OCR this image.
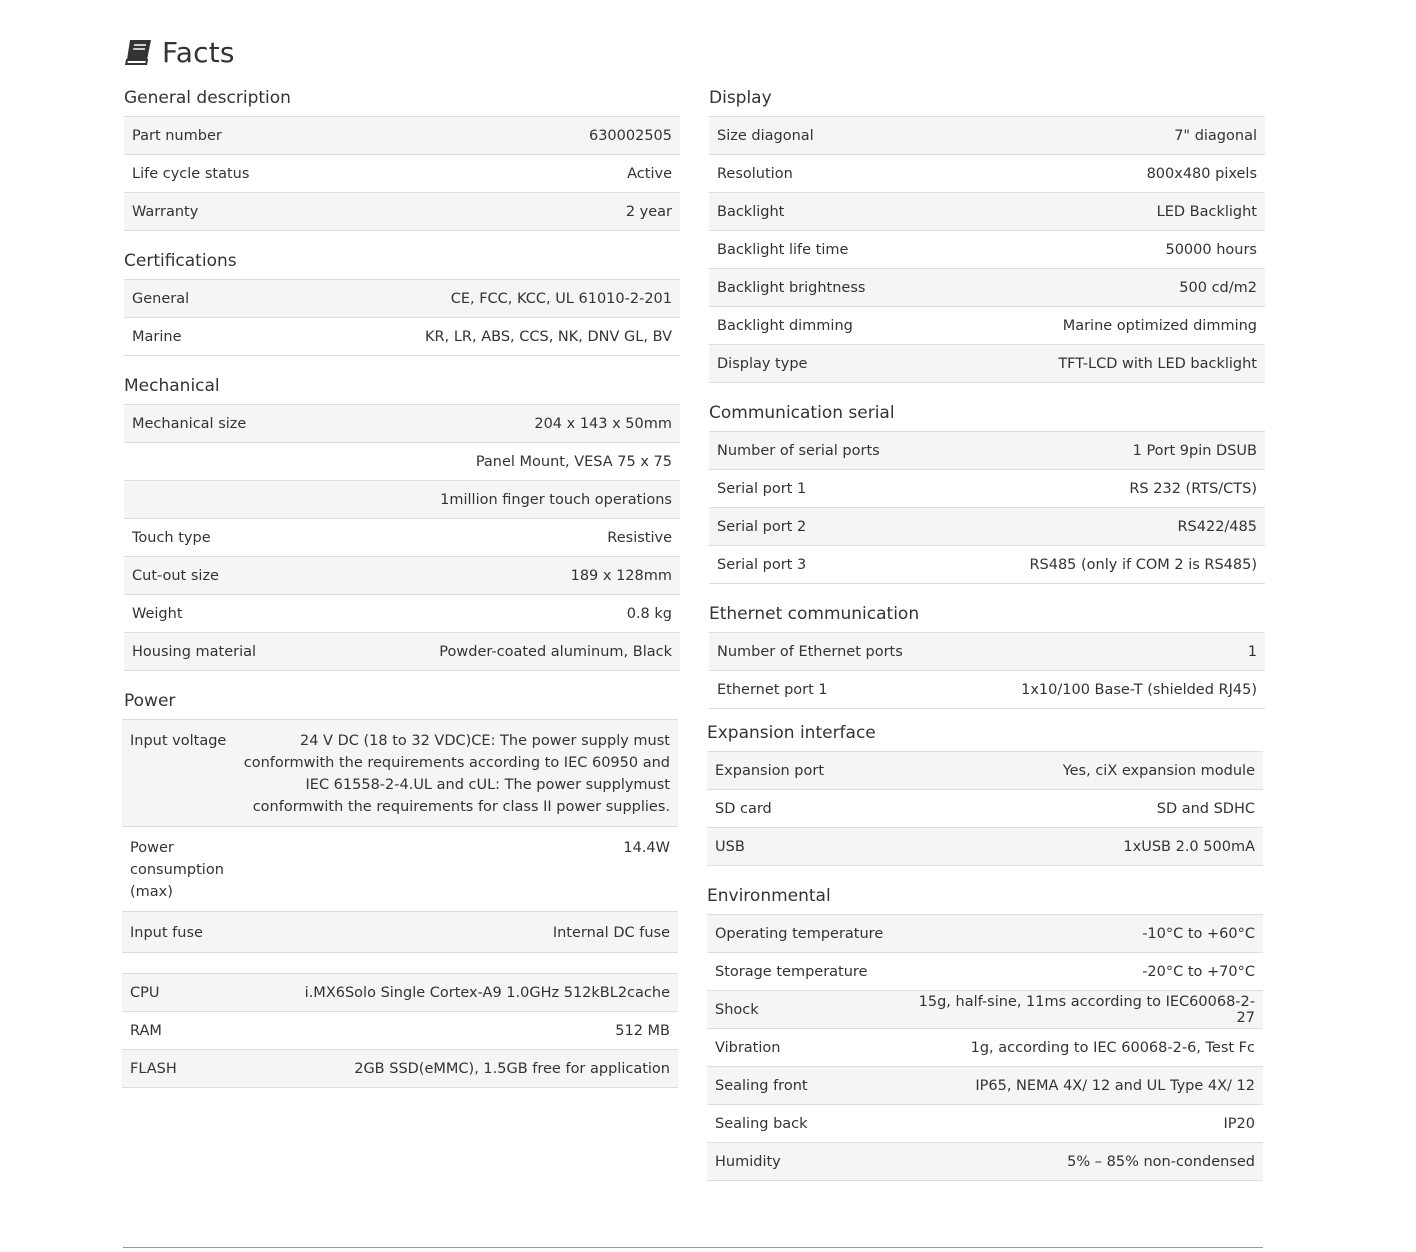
Facts
General description
Part number	630002505
Life cycle status	Active
Warranty	2 year
Certifications
General	CE, FCC, KCC, UL 61010-2-201
Marine	KR, LR, ABS, CCS, NK, DNV GL, BV
Mechanical
Mechanical size	204 x 143 x 50mm
	Panel Mount, VESA 75 x 75
	1million finger touch operations
Touch type	Resistive
Cut-out size	189 x 128mm
Weight	0.8 kg
Housing material	Powder-coated aluminum, Black
Power
Input voltage	24 V DC (18 to 32 VDC)CE: The power supply must conformwith the requirements according to IEC 60950 and IEC 61558-2-4.UL and cUL: The power supplymust conformwith the requirements for class II power supplies.
Power consumption (max)	14.4W
Input fuse	Internal DC fuse
CPU	i.MX6Solo Single Cortex-A9 1.0GHz 512kBL2cache
RAM	512 MB
FLASH	2GB SSD(eMMC), 1.5GB free for application
Display
Size diagonal	7" diagonal
Resolution	800x480 pixels
Backlight	LED Backlight
Backlight life time	50000 hours
Backlight brightness	500 cd/m2
Backlight dimming	Marine optimized dimming
Display type	TFT-LCD with LED backlight
Communication serial
Number of serial ports	1 Port 9pin DSUB
Serial port 1	RS 232 (RTS/CTS)
Serial port 2	RS422/485
Serial port 3	RS485 (only if COM 2 is RS485)
Ethernet communication
Number of Ethernet ports	1
Ethernet port 1	1x10/100 Base-T (shielded RJ45)
Expansion interface
Expansion port	Yes, ciX expansion module
SD card	SD and SDHC
USB	1xUSB 2.0 500mA
Environmental
Operating temperature	-10°C to +60°C
Storage temperature	-20°C to +70°C
Shock	15g, half-sine, 11ms according to IEC60068-2-27
Vibration	1g, according to IEC 60068-2-6, Test Fc
Sealing front	IP65, NEMA 4X/ 12 and UL Type 4X/ 12
Sealing back	IP20
Humidity	5% – 85% non-condensed
